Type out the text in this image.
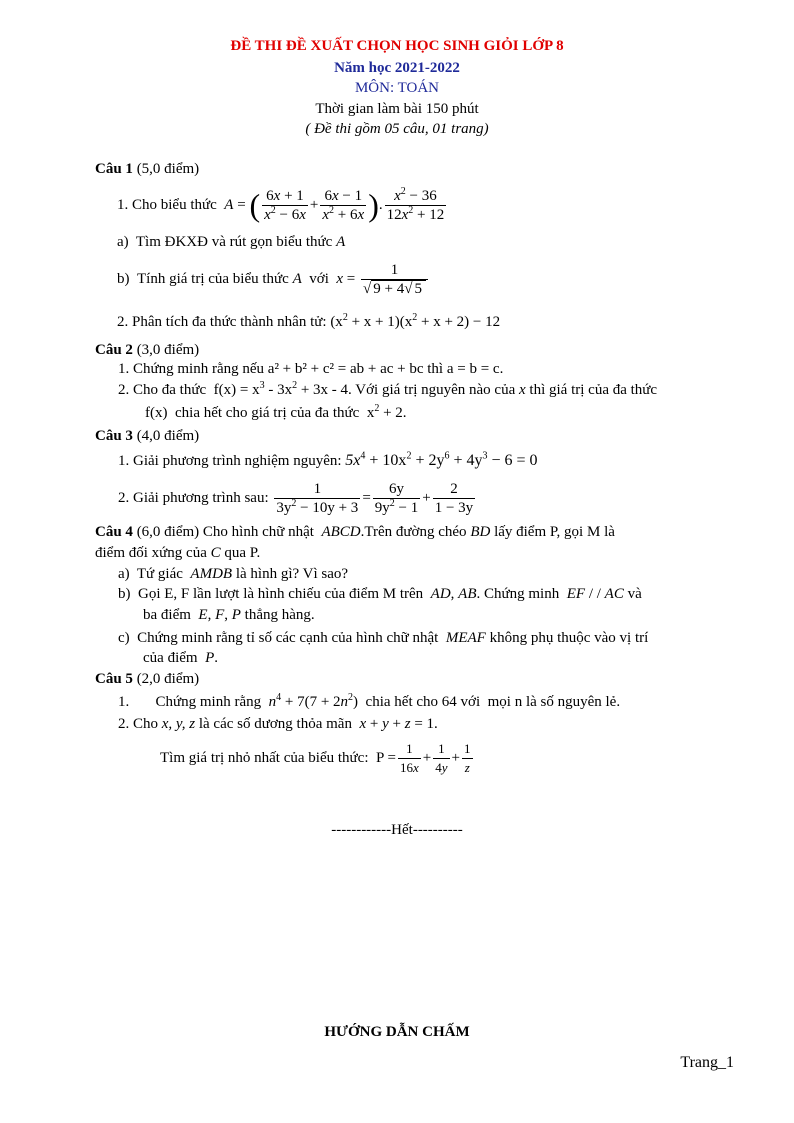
ĐỀ THI ĐỀ XUẤT CHỌN HỌC SINH GIỎI LỚP 8
Năm học 2021-2022
MÔN: TOÁN
Thời gian làm bài 150 phút
( Đề thi gồm 05 câu, 01 trang)
Câu 1 (5,0 điểm)
1. Cho biểu thức
A = ( $\frac{6x + 1}{x^2 - 6x} + \frac{6x - 1}{x^2 + 6x}$ ) . $\frac{x^2 - 36}{12x^2 + 12}$
a) Tìm ĐKXĐ và rút gọn biểu thức A
b)
Tính giá trị của biểu thức
A
với
$x = \frac{1}{√ 9 + 4√ 5}$
2. Phân tích đa thức thành nhân tử: $(x^2 + x + 1)(x^2 + x + 2) - 12$
Câu 2 (3,0 điểm)
1. Chứng minh rằng nếu a² + b² + c² = ab + ac + bc thì a = b = c.
2. Cho đa thức  $f(x) = x^3 - 3x^2 + 3x - 4$. Với giá trị nguyên nào của x thì giá trị của đa thức
f(x)  chia hết cho giá trị của đa thức  $x^2 + 2$.
Câu 3 (4,0 điểm)
1. Giải phương trình nghiệm nguyên: $5x^4 + 10x^2 + 2y^6 + 4y^3 - 6 = 0$
2. Giải phương trình sau:
$\frac{1}{3y^2 - 10y + 3} = \frac{6y}{9y^2 - 1} + \frac{2}{1 - 3y}$
Câu 4 (6,0 điểm) Cho hình chữ nhật ABCD.Trên đường chéo BD lấy điểm P, gọi M là
điểm đối xứng của C qua P.
a) Tứ giác AMDB là hình gì? Vì sao?
b) Gọi E, F lần lượt là hình chiếu của điểm M trên AD, AB. Chứng minh EF / / AC và
ba điểm E, F, P thẳng hàng.
c) Chứng minh rằng tỉ số các cạnh của hình chữ nhật MEAF không phụ thuộc vào vị trí
của điểm P.
Câu 5 (2,0 điểm)
1.       Chứng minh rằng $n^4 + 7(7 + 2n^2)$  chia hết cho 64 với  mọi n là số nguyên lẻ.
2. Cho x, y, z là các số dương thỏa mãn x + y + z = 1.
Tìm giá trị nhỏ nhất của biểu thức: $P = \frac{1}{16x} + \frac{1}{4y} + \frac{1}{z}$
------------Hết----------
HƯỚNG DẪN CHẤM
Trang_1
